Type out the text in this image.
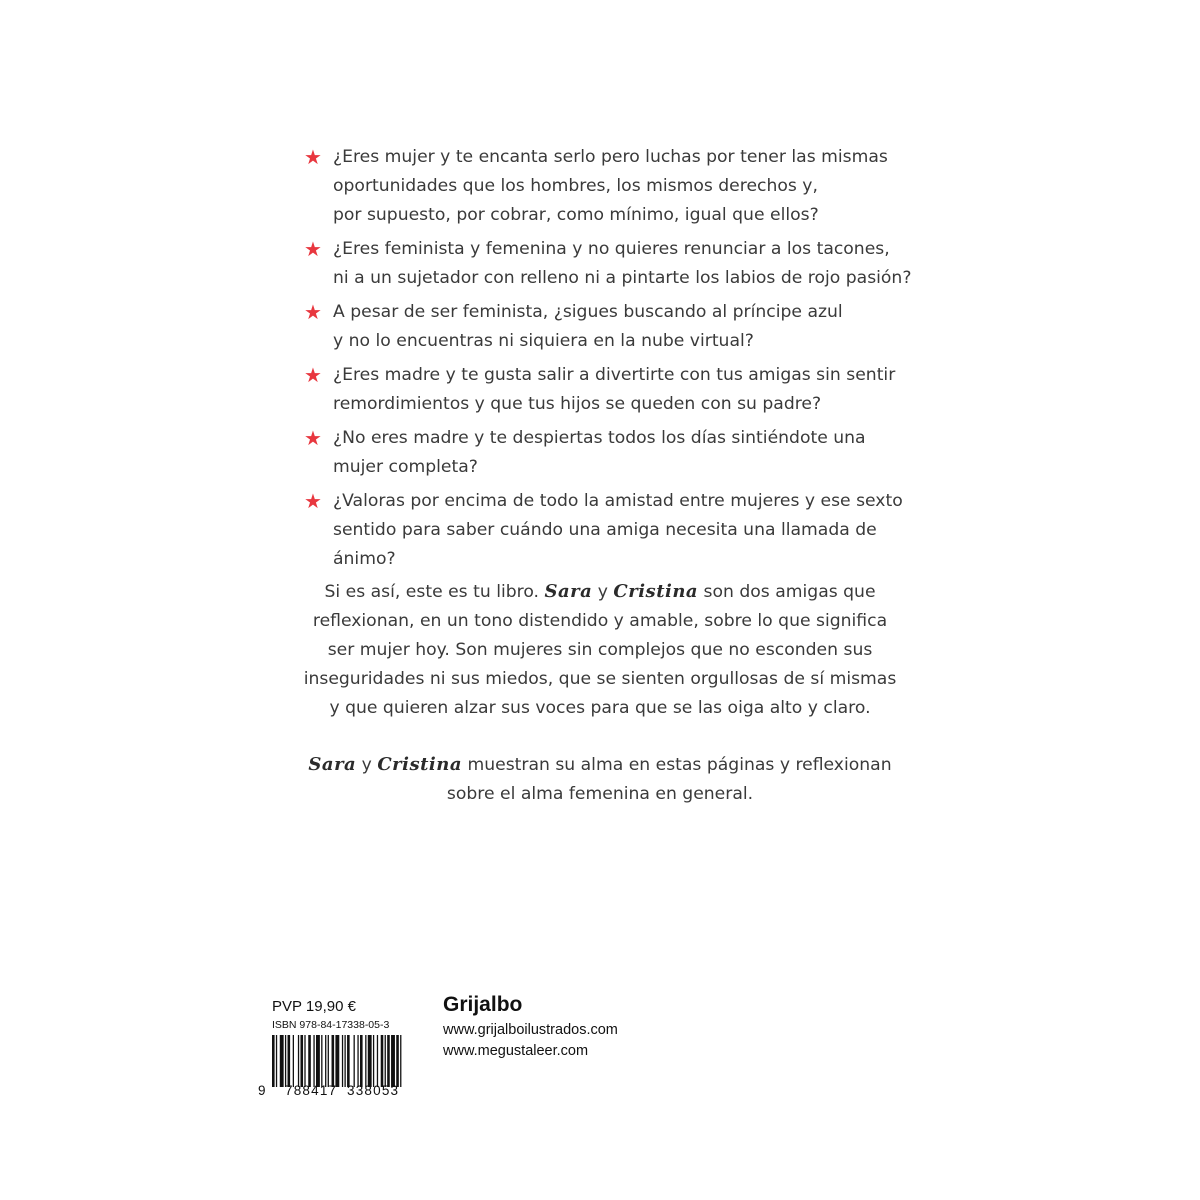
★ ¿Eres mujer y te encanta serlo pero luchas por tener las mismas
oportunidades que los hombres, los mismos derechos y,
por supuesto, por cobrar, como mínimo, igual que ellos?
★ ¿Eres feminista y femenina y no quieres renunciar a los tacones,
ni a un sujetador con relleno ni a pintarte los labios de rojo pasión?
★ A pesar de ser feminista, ¿sigues buscando al príncipe azul
y no lo encuentras ni siquiera en la nube virtual?
★ ¿Eres madre y te gusta salir a divertirte con tus amigas sin sentir
remordimientos y que tus hijos se queden con su padre?
★ ¿No eres madre y te despiertas todos los días sintiéndote una
mujer completa?
★ ¿Valoras por encima de todo la amistad entre mujeres y ese sexto
sentido para saber cuándo una amiga necesita una llamada de
ánimo?
Si es así, este es tu libro. Sara y Cristina son dos amigas que
reflexionan, en un tono distendido y amable, sobre lo que significa
ser mujer hoy. Son mujeres sin complejos que no esconden sus
inseguridades ni sus miedos, que se sienten orgullosas de sí mismas
y que quieren alzar sus voces para que se las oiga alto y claro.
Sara y Cristina muestran su alma en estas páginas y reflexionan
sobre el alma femenina en general.
PVP 19,90 €
ISBN 978-84-17338-05-3
9 788417 338053
Grijalbo
www.grijalboilustrados.com
www.megustaleer.com
